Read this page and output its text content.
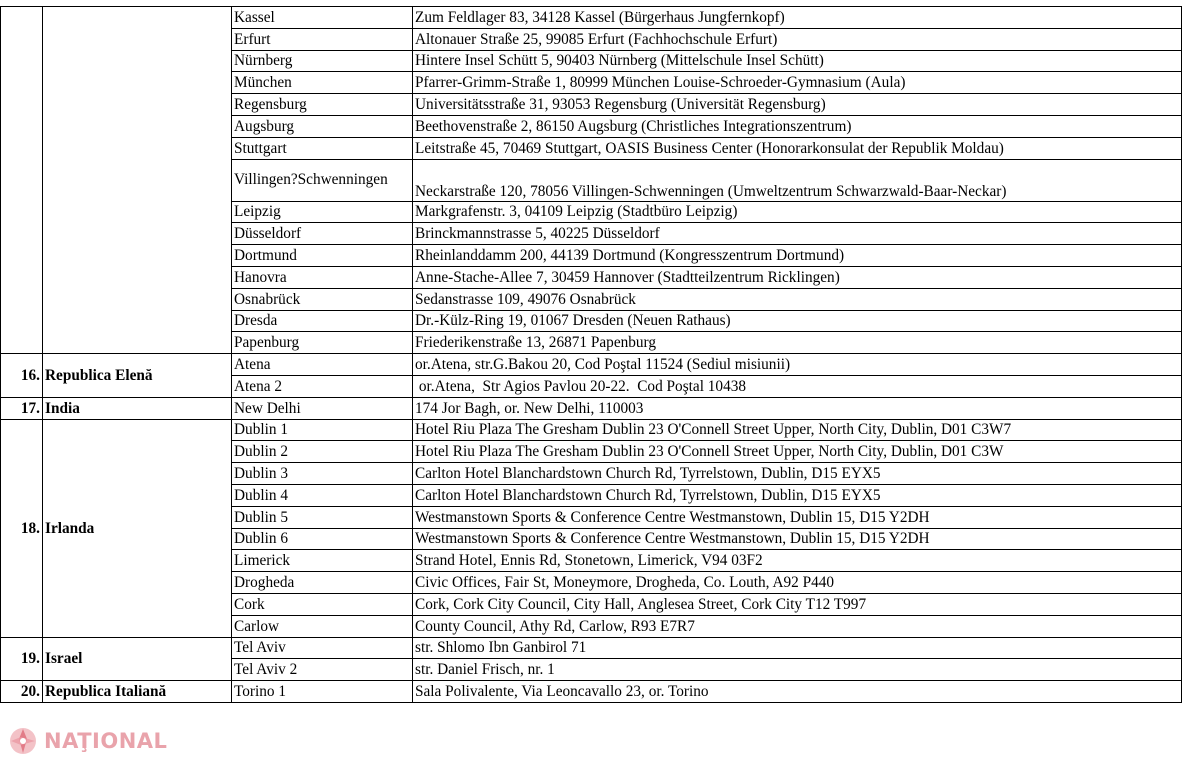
		Kassel	Zum Feldlager 83, 34128 Kassel (Bürgerhaus Jungfernkopf)
		Erfurt	Altonauer Straße 25, 99085 Erfurt (Fachhochschule Erfurt)
		Nürnberg	Hintere Insel Schütt 5, 90403 Nürnberg (Mittelschule Insel Schütt)
		München	Pfarrer-Grimm-Straße 1, 80999 München Louise-Schroeder-Gymnasium (Aula)
		Regensburg	Universitätsstraße 31, 93053 Regensburg (Universität Regensburg)
		Augsburg	Beethovenstraße 2, 86150 Augsburg (Christliches Integrationszentrum)
		Stuttgart	Leitstraße 45, 70469 Stuttgart, OASIS Business Center (Honorarkonsulat der Republik Moldau)
		Villingen?Schwenningen	Neckarstraße 120, 78056 Villingen-Schwenningen (Umweltzentrum Schwarzwald-Baar-Neckar)
		Leipzig	Markgrafenstr. 3, 04109 Leipzig (Stadtbüro Leipzig)
		Düsseldorf	Brinckmannstrasse 5, 40225 Düsseldorf
		Dortmund	Rheinlanddamm 200, 44139 Dortmund (Kongresszentrum Dortmund)
		Hanovra	Anne-Stache-Allee 7, 30459 Hannover (Stadtteilzentrum Ricklingen)
		Osnabrück	Sedanstrasse 109, 49076 Osnabrück
		Dresda	Dr.-Külz-Ring 19, 01067 Dresden (Neuen Rathaus)
		Papenburg	Friederikenstraße 13, 26871 Papenburg
16.	Republica Elenă	Atena	or.Atena, str.G.Bakou 20, Cod Poştal 11524 (Sediul misiunii)
		Atena 2	or.Atena,  Str Agios Pavlou 20-22.  Cod Poştal 10438
17.	India	New Delhi	174 Jor Bagh, or. New Delhi, 110003
18.	Irlanda	Dublin 1	Hotel Riu Plaza The Gresham Dublin 23 O'Connell Street Upper, North City, Dublin, D01 C3W7
		Dublin 2	Hotel Riu Plaza The Gresham Dublin 23 O'Connell Street Upper, North City, Dublin, D01 C3W
		Dublin 3	Carlton Hotel Blanchardstown Church Rd, Tyrrelstown, Dublin, D15 EYX5
		Dublin 4	Carlton Hotel Blanchardstown Church Rd, Tyrrelstown, Dublin, D15 EYX5
		Dublin 5	Westmanstown Sports & Conference Centre Westmanstown, Dublin 15, D15 Y2DH
		Dublin 6	Westmanstown Sports & Conference Centre Westmanstown, Dublin 15, D15 Y2DH
		Limerick	Strand Hotel, Ennis Rd, Stonetown, Limerick, V94 03F2
		Drogheda	Civic Offices, Fair St, Moneymore, Drogheda, Co. Louth, A92 P440
		Cork	Cork, Cork City Council, City Hall, Anglesea Street, Cork City T12 T997
		Carlow	County Council, Athy Rd, Carlow, R93 E7R7
19.	Israel	Tel Aviv	str. Shlomo Ibn Ganbirol 71
		Tel Aviv 2	str. Daniel Frisch, nr. 1
20.	Republica Italiană	Torino 1	Sala Polivalente, Via Leoncavallo 23, or. Torino
NAŢIONAL
